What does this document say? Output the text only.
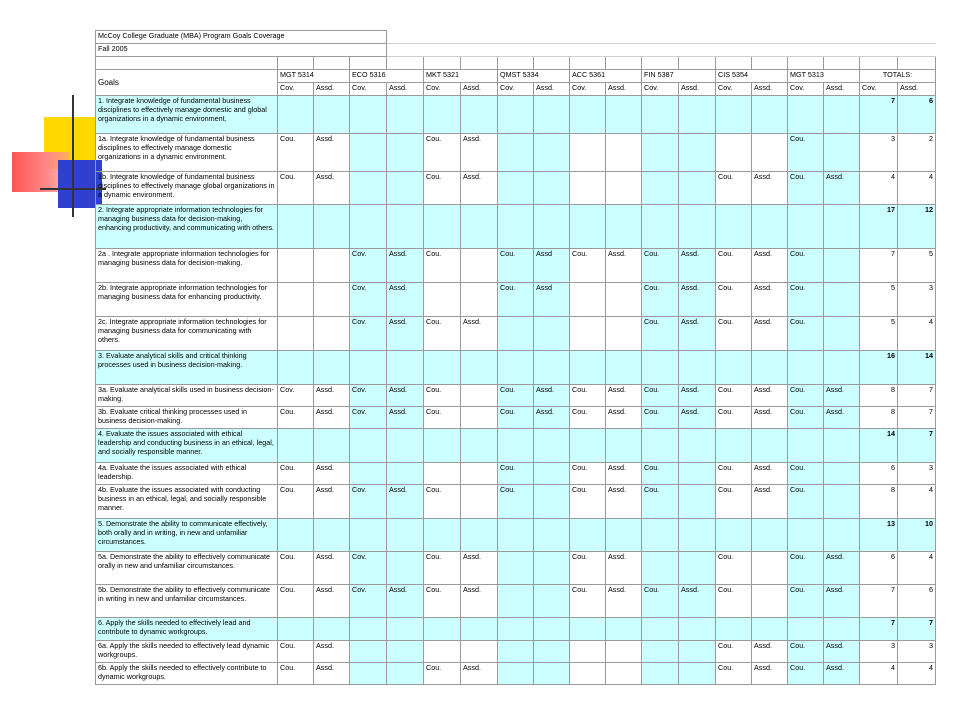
McCoy College Graduate (MBA) Program Goals Coverage																		
Fall 2005																		

Goals	MGT 5314		ECO 5316		MKT 5321		QMST 5334		ACC 5361		FIN 5387		CIS 5354		MGT 5313		TOTALS:	
	Cov.	Assd.	Cov.	Assd.	Cov.	Assd.	Cov.	Assd.	Cov.	Assd.	Cov.	Assd.	Cov.	Assd.	Cov.	Assd.	Cov.	Assd.
1. Integrate knowledge of fundamental business disciplines to effectively manage domestic and global organizations in a dynamic environment.																	7	6
1a. Integrate knowledge of fundamental business disciplines to effectively manage domestic organizations in a dynamic environment.	Cou.	Assd.			Cou.	Assd.									Cou.		3	2
1b. Integrate knowledge of fundamental business disciplines to effectively manage global organizations in a dynamic environment.	Cou.	Assd.			Cou.	Assd.							Cou.	Assd.	Cou.	Assd.	4	4
2. Integrate appropriate information technologies for managing business data for decision-making, enhancing productivity, and communicating with others.																	17	12
2a . Integrate appropriate information technologies for managing business data for decision-making.			Cov.	Assd.	Cou.		Cou.	Assd	Cou.	Assd.	Cou.	Assd.	Cou.	Assd.	Cou.		7	5
2b. Integrate appropriate information technologies for managing business data for enhancing productivity.			Cov.	Assd.			Cou.	Assd			Cou.	Assd.	Cou.	Assd.	Cou.		5	3
2c. Integrate appropriate information technologies for managing business data for communicating with others.			Cov.	Assd.	Cou.	Assd.					Cou.	Assd.	Cou.	Assd.	Cou.		5	4
3. Evaluate analytical skills and critical thinking processes used in business decision-making.																	16	14
3a. Evaluate analytical skills used in business decision-making.	Cov.	Assd.	Cov.	Assd.	Cou.		Cou.	Assd.	Cou.	Assd.	Cou.	Assd.	Cou.	Assd.	Cou.	Assd.	8	7
3b. Evaluate critical thinking processes used in business decision-making.	Cou.	Assd.	Cov.	Assd.	Cou.		Cou.	Assd.	Cou.	Assd.	Cou.	Assd.	Cou.	Assd.	Cou.	Assd.	8	7
4. Evaluate the issues associated with ethical leadership and conducting business in an ethical, legal, and socially responsible manner.																	14	7
4a. Evaluate the issues associated with ethical leadership.	Cou.	Assd.					Cou.		Cou.	Assd.	Cou.		Cou.	Assd.	Cou.		6	3
4b. Evaluate the issues associated with conducting business in an ethical, legal, and socially responsible manner.	Cou.	Assd.	Cov.	Assd.	Cou.		Cou.		Cou.	Assd.	Cou.		Cou.	Assd.	Cou.		8	4
5. Demonstrate the ability to communicate effectively, both orally and in writing, in new and unfamiliar circumstances.																	13	10
5a. Demonstrate the ability to effectively communicate orally in new and unfamiliar circumstances.	Cou.	Assd.	Cov.		Cou.	Assd.			Cou.	Assd.			Cou.		Cou.	Assd.	6	4
5b. Demonstrate the ability to effectively communicate in writing in new and unfamiliar circumstances.	Cou.	Assd.	Cov.	Assd.	Cou.	Assd.			Cou.	Assd.	Cou.	Assd.	Cou.		Cou.	Assd.	7	6
6. Apply the skills needed to effectively lead and contribute to dynamic workgroups.																	7	7
6a. Apply the skills needed to effectively lead dynamic workgroups.	Cou.	Assd.											Cou.	Assd.	Cou.	Assd.	3	3
6b. Apply the skills needed to effectively contribute to dynamic workgroups.	Cou.	Assd.			Cou.	Assd.							Cou.	Assd.	Cou.	Assd.	4	4
